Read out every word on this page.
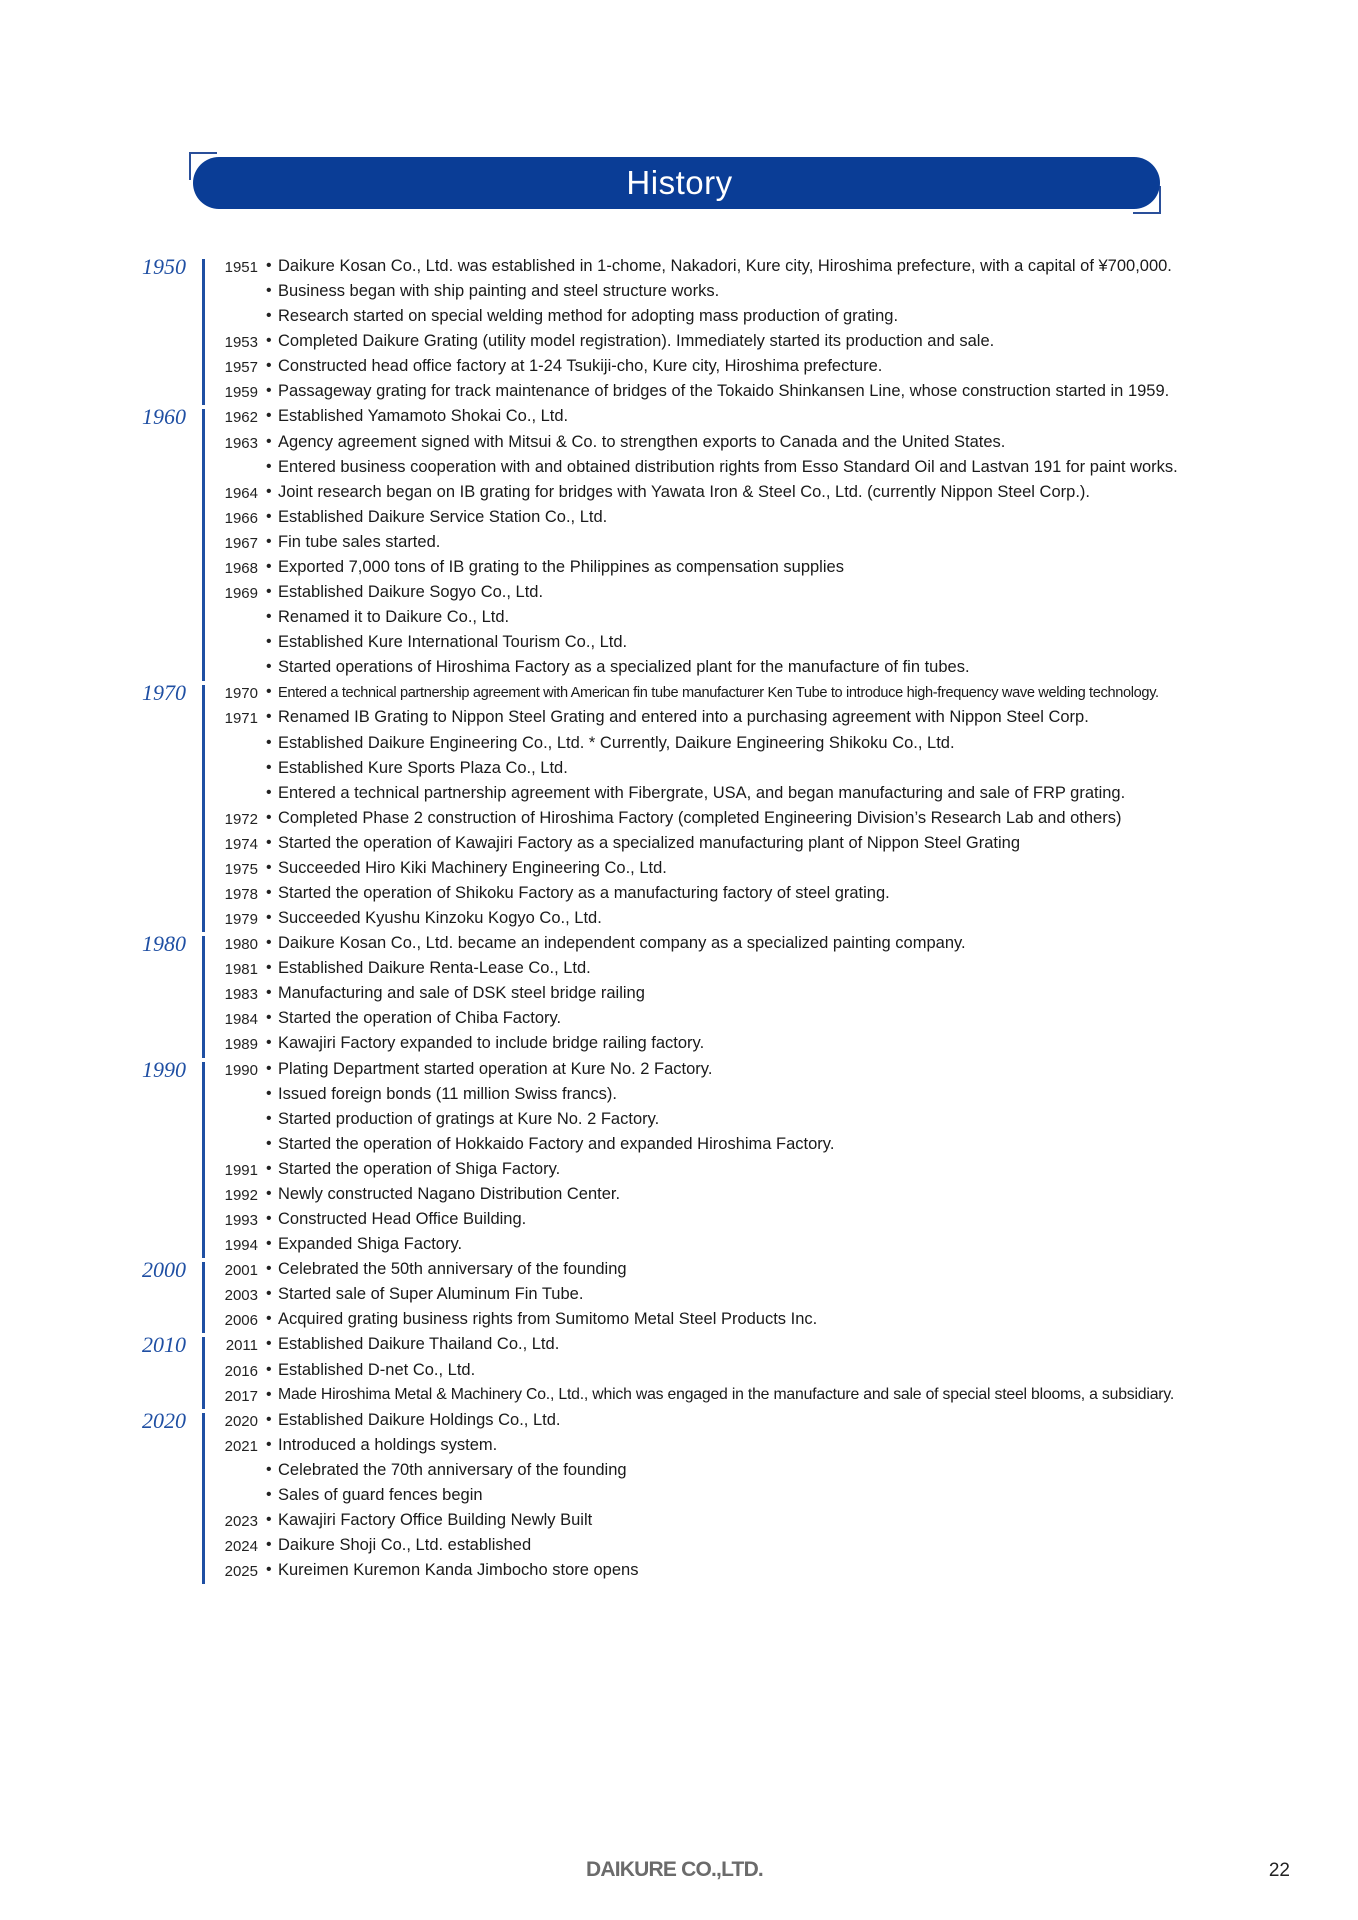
History
1951 • Daikure Kosan Co., Ltd. was established in 1-chome, Nakadori, Kure city, Hiroshima prefecture, with a capital of ¥700,000.
• Business began with ship painting and steel structure works.
• Research started on special welding method for adopting mass production of grating.
1953 • Completed Daikure Grating (utility model registration). Immediately started its production and sale.
1957 • Constructed head office factory at 1-24 Tsukiji-cho, Kure city, Hiroshima prefecture.
1959 • Passageway grating for track maintenance of bridges of the Tokaido Shinkansen Line, whose construction started in 1959.
1962 • Established Yamamoto Shokai Co., Ltd.
1963 • Agency agreement signed with Mitsui & Co. to strengthen exports to Canada and the United States.
• Entered business cooperation with and obtained distribution rights from Esso Standard Oil and Lastvan 191 for paint works.
1964 • Joint research began on IB grating for bridges with Yawata Iron & Steel Co., Ltd. (currently Nippon Steel Corp.).
1966 • Established Daikure Service Station Co., Ltd.
1967 • Fin tube sales started.
1968 • Exported 7,000 tons of IB grating to the Philippines as compensation supplies
1969 • Established Daikure Sogyo Co., Ltd.
• Renamed it to Daikure Co., Ltd.
• Established Kure International Tourism Co., Ltd.
• Started operations of Hiroshima Factory as a specialized plant for the manufacture of fin tubes.
1970 • Entered a technical partnership agreement with American fin tube manufacturer Ken Tube to introduce high-frequency wave welding technology.
1971 • Renamed IB Grating to Nippon Steel Grating and entered into a purchasing agreement with Nippon Steel Corp.
• Established Daikure Engineering Co., Ltd. * Currently, Daikure Engineering Shikoku Co., Ltd.
• Established Kure Sports Plaza Co., Ltd.
• Entered a technical partnership agreement with Fibergrate, USA, and began manufacturing and sale of FRP grating.
1972 • Completed Phase 2 construction of Hiroshima Factory (completed Engineering Division’s Research Lab and others)
1974 • Started the operation of Kawajiri Factory as a specialized manufacturing plant of Nippon Steel Grating
1975 • Succeeded Hiro Kiki Machinery Engineering Co., Ltd.
1978 • Started the operation of Shikoku Factory as a manufacturing factory of steel grating.
1979 • Succeeded Kyushu Kinzoku Kogyo Co., Ltd.
1980 • Daikure Kosan Co., Ltd. became an independent company as a specialized painting company.
1981 • Established Daikure Renta-Lease Co., Ltd.
1983 • Manufacturing and sale of DSK steel bridge railing
1984 • Started the operation of Chiba Factory.
1989 • Kawajiri Factory expanded to include bridge railing factory.
1990 • Plating Department started operation at Kure No. 2 Factory.
• Issued foreign bonds (11 million Swiss francs).
• Started production of gratings at Kure No. 2 Factory.
• Started the operation of Hokkaido Factory and expanded Hiroshima Factory.
1991 • Started the operation of Shiga Factory.
1992 • Newly constructed Nagano Distribution Center.
1993 • Constructed Head Office Building.
1994 • Expanded Shiga Factory.
2001 • Celebrated the 50th anniversary of the founding
2003 • Started sale of Super Aluminum Fin Tube.
2006 • Acquired grating business rights from Sumitomo Metal Steel Products Inc.
2011 • Established Daikure Thailand Co., Ltd.
2016 • Established D-net Co., Ltd.
2017 • Made Hiroshima Metal & Machinery Co., Ltd., which was engaged in the manufacture and sale of special steel blooms, a subsidiary.
2020 • Established Daikure Holdings Co., Ltd.
2021 • Introduced a holdings system.
• Celebrated the 70th anniversary of the founding
• Sales of guard fences begin
2023 • Kawajiri Factory Office Building Newly Built
2024 • Daikure Shoji Co., Ltd. established
2025 • Kureimen Kuremon Kanda Jimbocho store opens
1950
1960
1970
1980
1990
2000
2010
2020
DAIKURE CO.,LTD.	22
